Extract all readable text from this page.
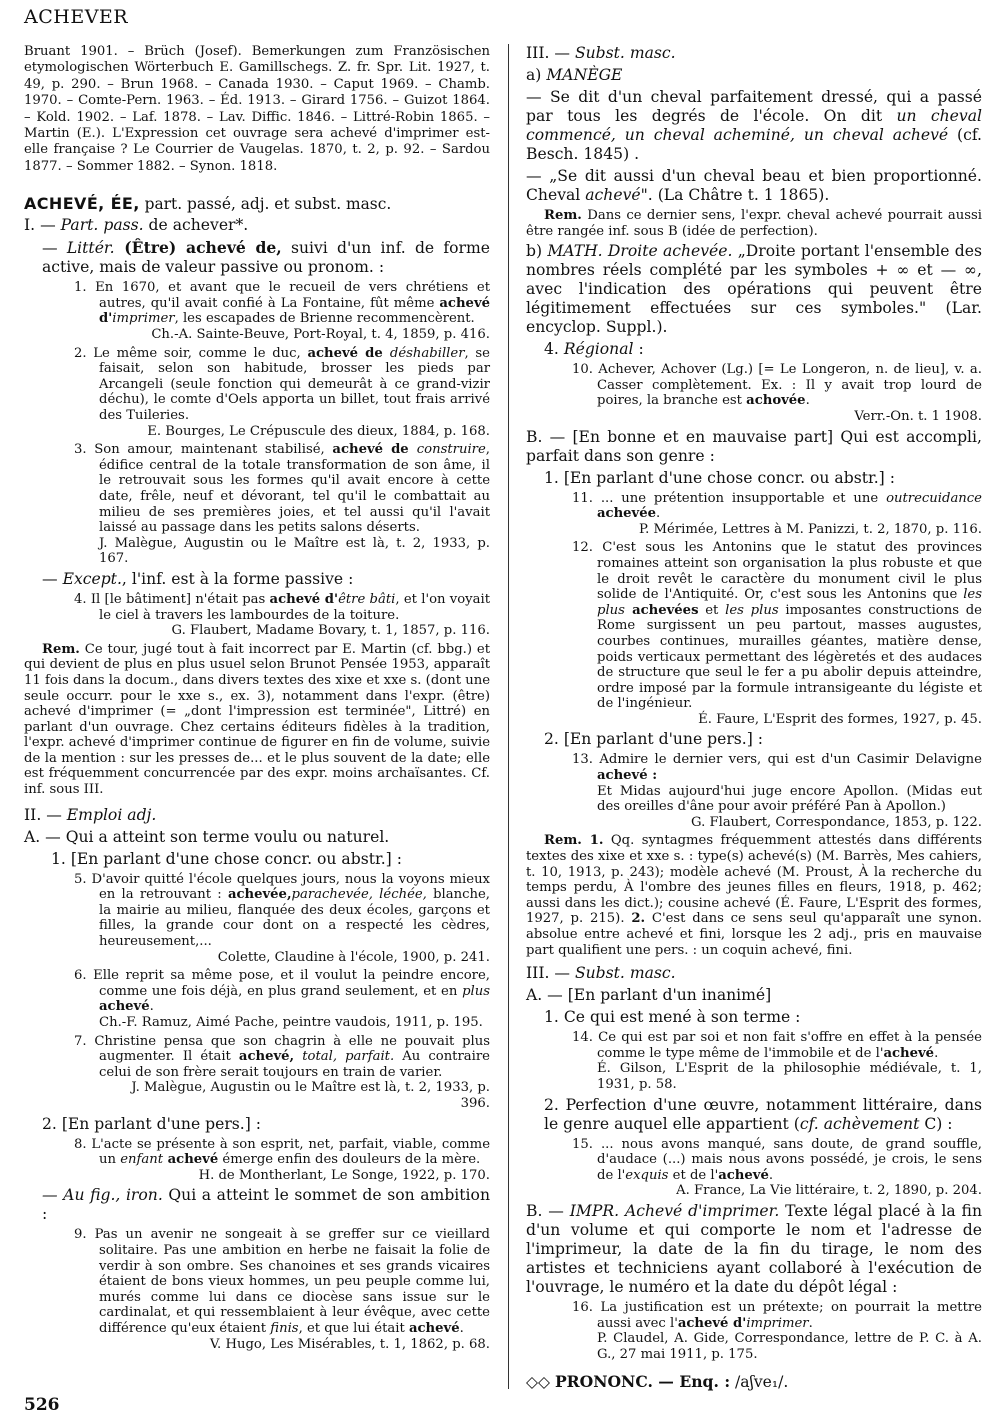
ACHEVER

Bruant 1901. – Brüch (Josef). Bemerkungen zum Französischen etymologischen Wörterbuch E. Gamillschegs. Z. fr. Spr. Lit. 1927, t. 49, p. 290. – Brun 1968. – Canada 1930. – Caput 1969. – Chamb. 1970. – Comte-Pern. 1963. – Éd. 1913. – Girard 1756. – Guizot 1864. – Kold. 1902. – Laf. 1878. – Lav. Diffic. 1846. – Littré-Robin 1865. – Martin (E.). L'Expression cet ouvrage sera achevé d'imprimer est-elle française ? Le Courrier de Vaugelas. 1870, t. 2, p. 92. – Sardou 1877. – Sommer 1882. – Synon. 1818.

ACHEVÉ, ÉE, part. passé, adj. et subst. masc.

I. — Part. pass. de achever*.

— Littér. (Être) achevé de, suivi d'un inf. de forme active, mais de valeur passive ou pronom. :

1. En 1670, et avant que le recueil de vers chrétiens et autres, qu'il avait confié à La Fontaine, fût même achevé d'imprimer, les escapades de Brienne recommencèrent.
Ch.-A. Sainte-Beuve, Port-Royal, t. 4, 1859, p. 416.
2. Le même soir, comme le duc, achevé de déshabiller, se faisait, selon son habitude, brosser les pieds par Arcangeli (seule fonction qui demeurât à ce grand-vizir déchu), le comte d'Oels apporta un billet, tout frais arrivé des Tuileries.
E. Bourges, Le Crépuscule des dieux, 1884, p. 168.
3. Son amour, maintenant stabilisé, achevé de construire, édifice central de la totale transformation de son âme, il le retrouvait sous les formes qu'il avait encore à cette date, frêle, neuf et dévorant, tel qu'il le combattait au milieu de ses premières joies, et tel aussi qu'il l'avait laissé au passage dans les petits salons déserts.
J. Malègue, Augustin ou le Maître est là, t. 2, 1933, p. 167.

— Except., l'inf. est à la forme passive :

4. Il [le bâtiment] n'était pas achevé d'être bâti, et l'on voyait le ciel à travers les lambourdes de la toiture.
G. Flaubert, Madame Bovary, t. 1, 1857, p. 116.

Rem. Ce tour, jugé tout à fait incorrect par E. Martin (cf. bbg.) et qui devient de plus en plus usuel selon Brunot Pensée 1953, apparaît 11 fois dans la docum., dans divers textes des xixe et xxe s. (dont une seule occurr. pour le xxe s., ex. 3), notamment dans l'expr. (être) achevé d'imprimer (= „dont l'impression est terminée", Littré) en parlant d'un ouvrage. Chez certains éditeurs fidèles à la tradition, l'expr. achevé d'imprimer continue de figurer en fin de volume, suivie de la mention : sur les presses de... et le plus souvent de la date; elle est fréquemment concurrencée par des expr. moins archaïsantes. Cf. inf. sous III.

II. — Emploi adj.

A. — Qui a atteint son terme voulu ou naturel.

1. [En parlant d'une chose concr. ou abstr.] :

5. D'avoir quitté l'école quelques jours, nous la voyons mieux en la retrouvant : achevée,parachevée, léchée, blanche, la mairie au milieu, flanquée des deux écoles, garçons et filles, la grande cour dont on a respecté les cèdres, heureusement,...
Colette, Claudine à l'école, 1900, p. 241.
6. Elle reprit sa même pose, et il voulut la peindre encore, comme une fois déjà, en plus grand seulement, et en plus achevé.
Ch.-F. Ramuz, Aimé Pache, peintre vaudois, 1911, p. 195.
7. Christine pensa que son chagrin à elle ne pouvait plus augmenter. Il était achevé, total, parfait. Au contraire celui de son frère serait toujours en train de varier.
J. Malègue, Augustin ou le Maître est là, t. 2, 1933, p. 396.

2. [En parlant d'une pers.] :

8. L'acte se présente à son esprit, net, parfait, viable, comme un enfant achevé émerge enfin des douleurs de la mère.
H. de Montherlant, Le Songe, 1922, p. 170.

— Au fig., iron. Qui a atteint le sommet de son ambition :

9. Pas un avenir ne songeait à se greffer sur ce vieillard solitaire. Pas une ambition en herbe ne faisait la folie de verdir à son ombre. Ses chanoines et ses grands vicaires étaient de bons vieux hommes, un peu peuple comme lui, murés comme lui dans ce diocèse sans issue sur le cardinalat, et qui ressemblaient à leur évêque, avec cette différence qu'eux étaient finis, et que lui était achevé.
V. Hugo, Les Misérables, t. 1, 1862, p. 68.

III. — Subst. masc.

a) MANÈGE

— Se dit d'un cheval parfaitement dressé, qui a passé par tous les degrés de l'école. On dit un cheval commencé, un cheval acheminé, un cheval achevé (cf. Besch. 1845) .

— „Se dit aussi d'un cheval beau et bien proportionné. Cheval achevé". (La Châtre t. 1 1865).

Rem. Dans ce dernier sens, l'expr. cheval achevé pourrait aussi être rangée inf. sous B (idée de perfection).

b) MATH. Droite achevée. „Droite portant l'ensemble des nombres réels complété par les symboles + ∞ et — ∞, avec l'indication des opérations qui peuvent être légitimement effectuées sur ces symboles." (Lar. encyclop. Suppl.).

4. Régional :

10. Achever, Achover (Lg.) [= Le Longeron, n. de lieu], v. a. Casser complètement. Ex. : Il y avait trop lourd de poires, la branche est achovée.
Verr.-On. t. 1 1908.

B. — [En bonne et en mauvaise part] Qui est accompli, parfait dans son genre :

1. [En parlant d'une chose concr. ou abstr.] :

11. ... une prétention insupportable et une outrecuidance achevée.
P. Mérimée, Lettres à M. Panizzi, t. 2, 1870, p. 116.
12. C'est sous les Antonins que le statut des provinces romaines atteint son organisation la plus robuste et que le droit revêt le caractère du monument civil le plus solide de l'Antiquité. Or, c'est sous les Antonins que les plus achevées et les plus imposantes constructions de Rome surgissent un peu partout, masses augustes, courbes continues, murailles géantes, matière dense, poids verticaux permettant des légèretés et des audaces de structure que seul le fer a pu abolir depuis atteindre, ordre imposé par la formule intransigeante du légiste et de l'ingénieur.
É. Faure, L'Esprit des formes, 1927, p. 45.

2. [En parlant d'une pers.] :

13. Admire le dernier vers, qui est d'un Casimir Delavigne achevé :
Et Midas aujourd'hui juge encore Apollon. (Midas eut des oreilles d'âne pour avoir préféré Pan à Apollon.)
G. Flaubert, Correspondance, 1853, p. 122.

Rem. 1. Qq. syntagmes fréquemment attestés dans différents textes des xixe et xxe s. : type(s) achevé(s) (M. Barrès, Mes cahiers, t. 10, 1913, p. 243); modèle achevé (M. Proust, À la recherche du temps perdu, À l'ombre des jeunes filles en fleurs, 1918, p. 462; aussi dans les dict.); cousine achevé (É. Faure, L'Esprit des formes, 1927, p. 215). 2. C'est dans ce sens seul qu'apparaît une synon. absolue entre achevé et fini, lorsque les 2 adj., pris en mauvaise part qualifient une pers. : un coquin achevé, fini.

III. — Subst. masc.

A. — [En parlant d'un inanimé]

1. Ce qui est mené à son terme :

14. Ce qui est par soi et non fait s'offre en effet à la pensée comme le type même de l'immobile et de l'achevé.
É. Gilson, L'Esprit de la philosophie médiévale, t. 1, 1931, p. 58.

2. Perfection d'une œuvre, notamment littéraire, dans le genre auquel elle appartient (cf. achèvement C) :

15. ... nous avons manqué, sans doute, de grand souffle, d'audace (...) mais nous avons possédé, je crois, le sens de l'exquis et de l'achevé.
A. France, La Vie littéraire, t. 2, 1890, p. 204.

B. — IMPR. Achevé d'imprimer. Texte légal placé à la fin d'un volume et qui comporte le nom et l'adresse de l'imprimeur, la date de la fin du tirage, le nom des artistes et techniciens ayant collaboré à l'exécution de l'ouvrage, le numéro et la date du dépôt légal :

16. La justification est un prétexte; on pourrait la mettre aussi avec l'achevé d'imprimer.
P. Claudel, A. Gide, Correspondance, lettre de P. C. à A. G., 27 mai 1911, p. 175.

◇◇ PRONONC. — Enq. : /aʃve₁/.

526
